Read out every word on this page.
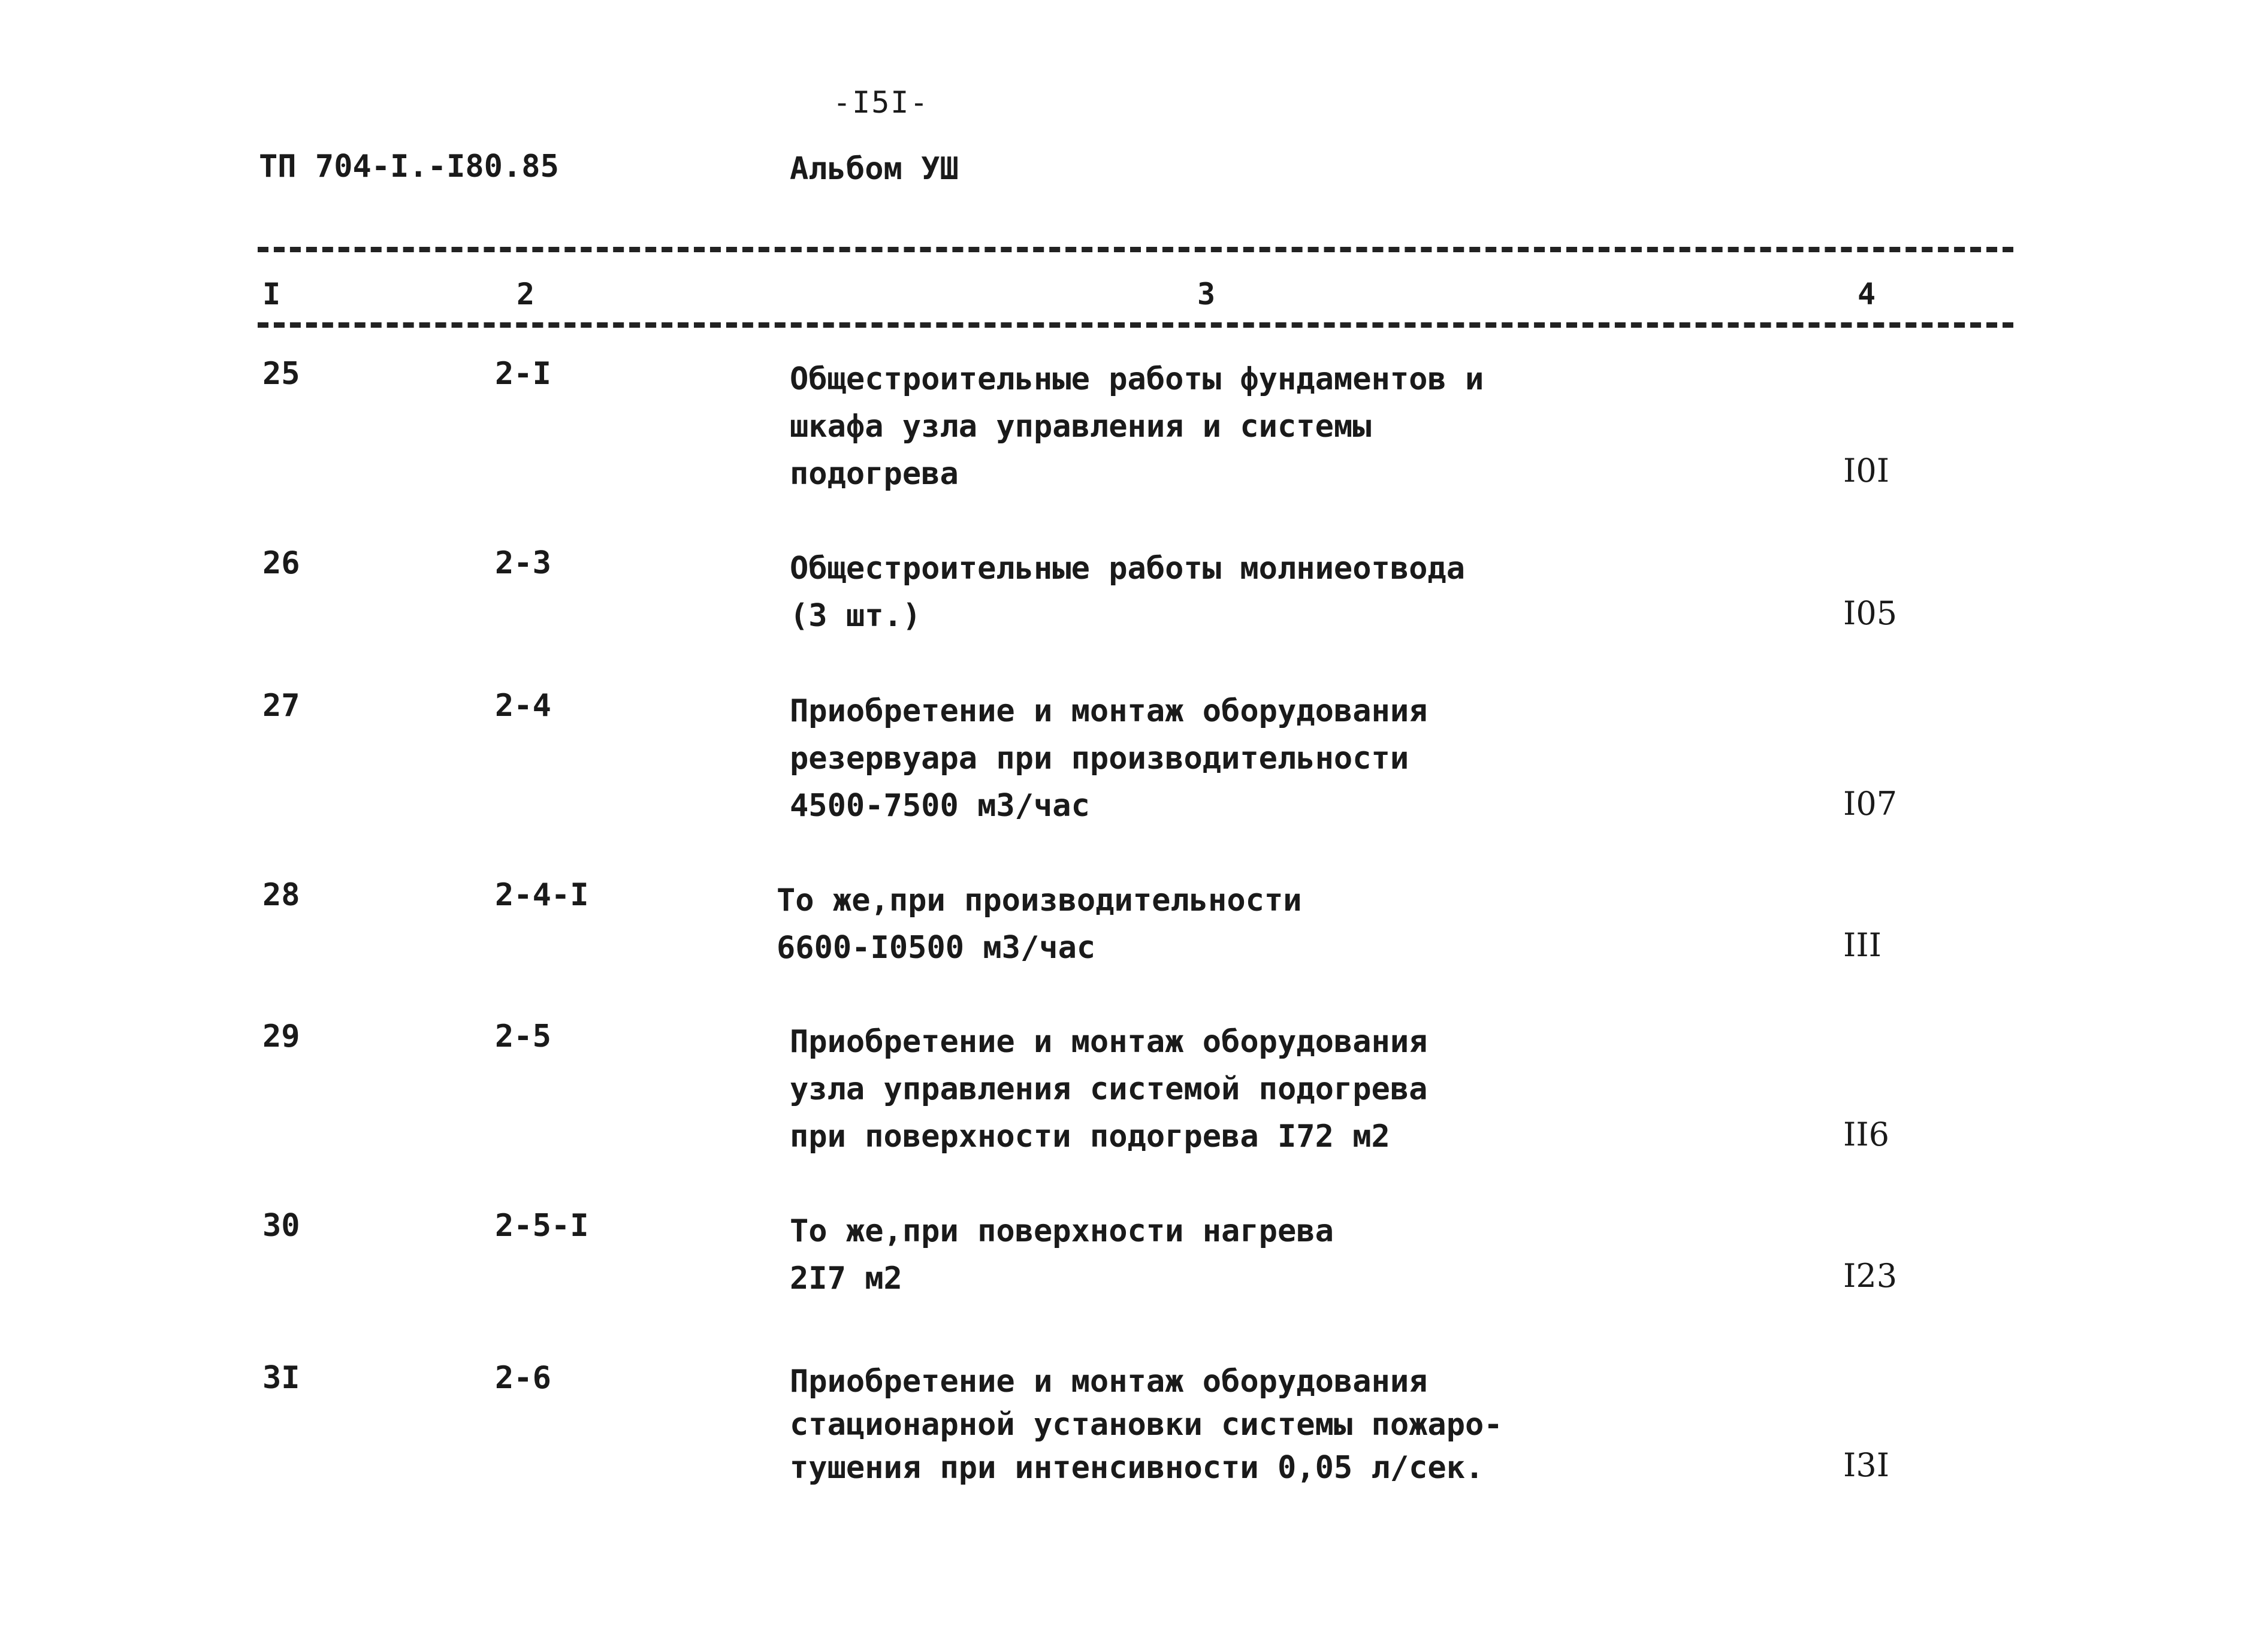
-I5I-
ТП 704-I.-I80.85	Альбом УШ
I	2	3	4
25	2-I	Общестроительные работы фундаментов и
шкафа узла управления и системы
подогрева	I0I
26	2-3	Общестроительные работы молниеотвода
(3 шт.)	I05
27	2-4	Приобретение и монтаж оборудования
резервуара при производительности
4500-7500 м3/час	I07
28	2-4-I	То же,при производительности
6600-I0500 м3/час	III
29	2-5	Приобретение и монтаж оборудования
узла управления системой подогрева
при поверхности подогрева I72 м2	II6
30	2-5-I	То же,при поверхности нагрева
2I7 м2	I23
3I	2-6	Приобретение и монтаж оборудования
стационарной установки системы пожаро-
тушения при интенсивности 0,05 л/сек.	I3I
